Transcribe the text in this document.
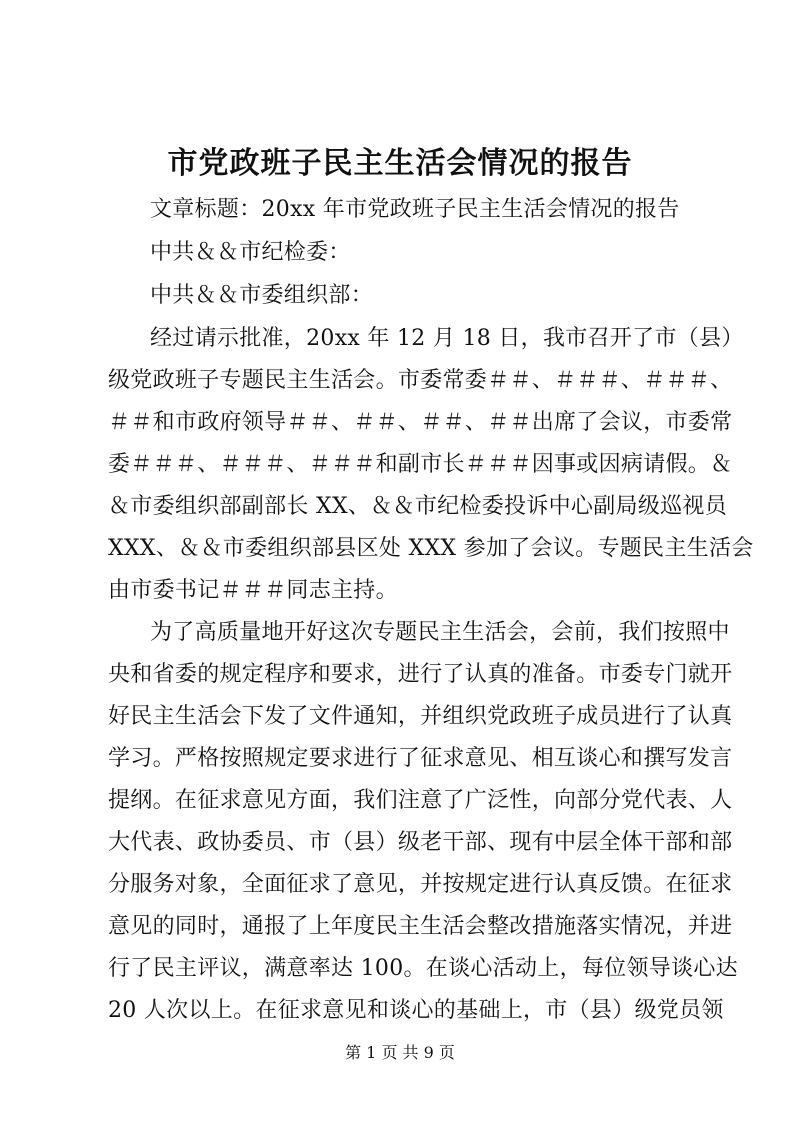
市党政班子民主生活会情况的报告
文章标题：20xx 年市党政班子民主生活会情况的报告
中共＆＆市纪检委：
中共＆＆市委组织部：
经过请示批准，20xx 年 12 月 18 日，我市召开了市（县）
级党政班子专题民主生活会。市委常委＃＃、＃＃＃、＃＃＃、
＃＃和市政府领导＃＃、＃＃、＃＃、＃＃出席了会议，市委常
委＃＃＃、＃＃＃、＃＃＃和副市长＃＃＃因事或因病请假。＆
＆市委组织部副部长 XX、＆＆市纪检委投诉中心副局级巡视员
XXX、＆＆市委组织部县区处 XXX 参加了会议。专题民主生活会
由市委书记＃＃＃同志主持。
为了高质量地开好这次专题民主生活会，会前，我们按照中
央和省委的规定程序和要求，进行了认真的准备。市委专门就开
好民主生活会下发了文件通知，并组织党政班子成员进行了认真
学习。严格按照规定要求进行了征求意见、相互谈心和撰写发言
提纲。在征求意见方面，我们注意了广泛性，向部分党代表、人
大代表、政协委员、市（县）级老干部、现有中层全体干部和部
分服务对象，全面征求了意见，并按规定进行认真反馈。在征求
意见的同时，通报了上年度民主生活会整改措施落实情况，并进
行了民主评议，满意率达 100。在谈心活动上，每位领导谈心达
20 人次以上。在征求意见和谈心的基础上，市（县）级党员领
第 1 页 共 9 页
